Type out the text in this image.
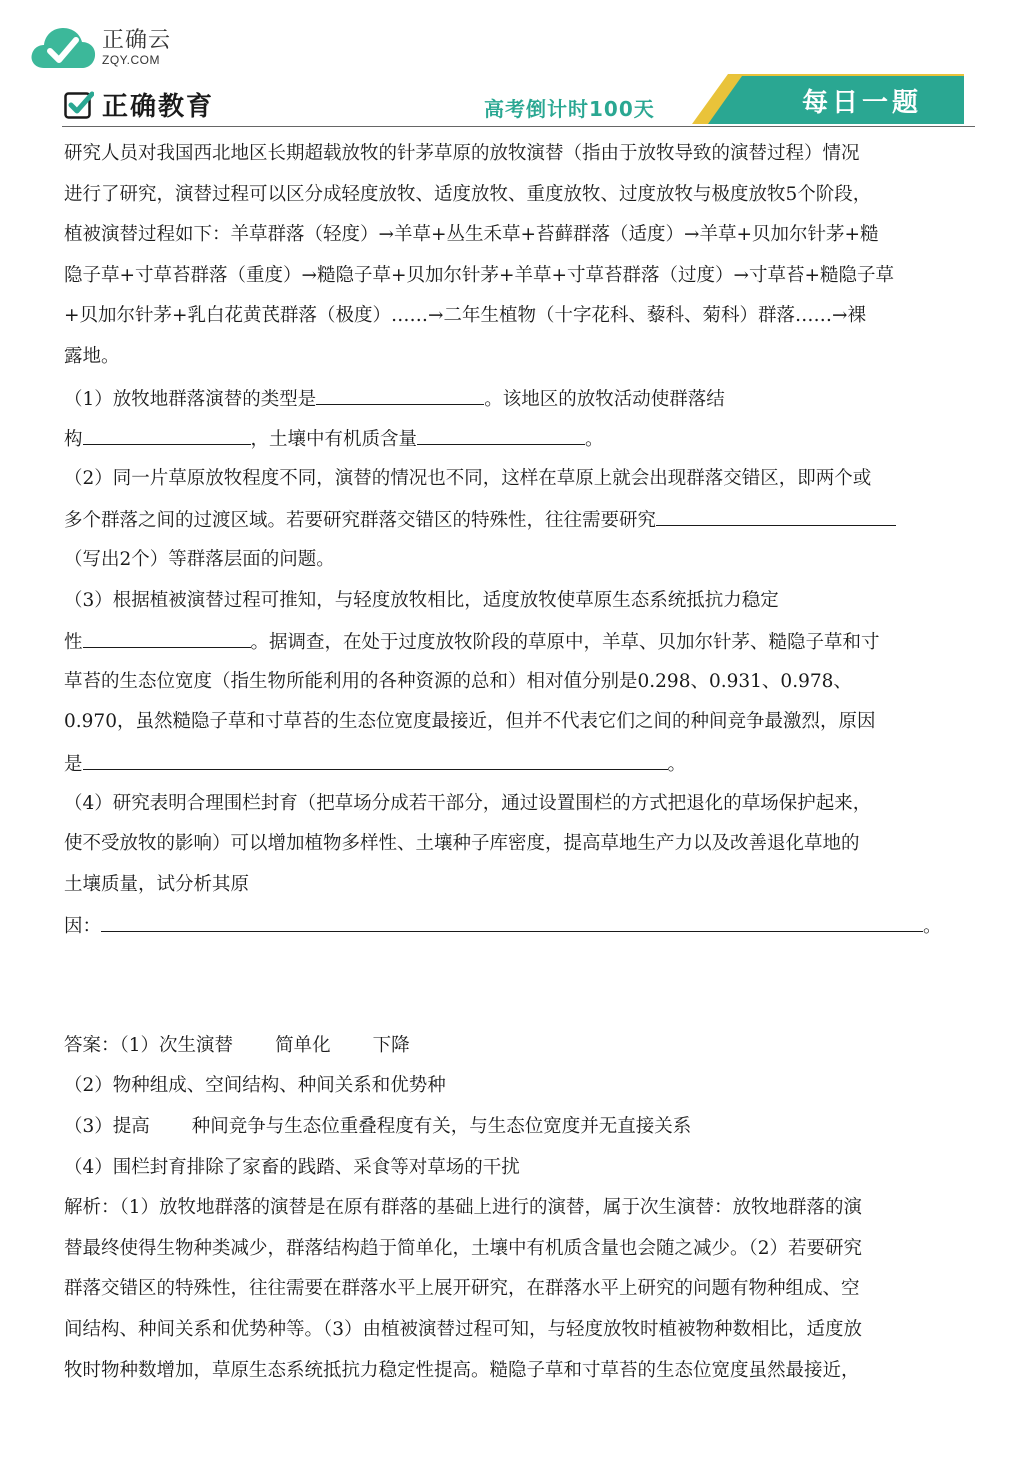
正确云
ZQY.COM
正确教育	高考倒计时100天	每日一题
研究人员对我国西北地区长期超载放牧的针茅草原的放牧演替（指由于放牧导致的演替过程）情况
进行了研究，演替过程可以区分成轻度放牧、适度放牧、重度放牧、过度放牧与极度放牧5个阶段，
植被演替过程如下：羊草群落（轻度）→羊草+丛生禾草+苔藓群落（适度）→羊草+贝加尔针茅+糙
隐子草+寸草苔群落（重度）→糙隐子草+贝加尔针茅+羊草+寸草苔群落（过度）→寸草苔+糙隐子草
+贝加尔针茅+乳白花黄芪群落（极度）……→二年生植物（十字花科、藜科、菊科）群落……→裸
露地。
（1）放牧地群落演替的类型是	。该地区的放牧活动使群落结
构	，土壤中有机质含量	。
（2）同一片草原放牧程度不同，演替的情况也不同，这样在草原上就会出现群落交错区，即两个或
多个群落之间的过渡区域。若要研究群落交错区的特殊性，往往需要研究
（写出2个）等群落层面的问题。
（3）根据植被演替过程可推知，与轻度放牧相比，适度放牧使草原生态系统抵抗力稳定
性	。据调查，在处于过度放牧阶段的草原中，羊草、贝加尔针茅、糙隐子草和寸
草苔的生态位宽度（指生物所能利用的各种资源的总和）相对值分别是0.298、0.931、0.978、
0.970，虽然糙隐子草和寸草苔的生态位宽度最接近，但并不代表它们之间的种间竞争最激烈，原因
是	。
（4）研究表明合理围栏封育（把草场分成若干部分，通过设置围栏的方式把退化的草场保护起来，
使不受放牧的影响）可以增加植物多样性、土壤种子库密度，提高草地生产力以及改善退化草地的
土壤质量，试分析其原
因：	。
答案：（1）次生演替 简单化 下降
（2）物种组成、空间结构、种间关系和优势种
（3）提高 种间竞争与生态位重叠程度有关，与生态位宽度并无直接关系
（4）围栏封育排除了家畜的践踏、采食等对草场的干扰
解析：（1）放牧地群落的演替是在原有群落的基础上进行的演替，属于次生演替：放牧地群落的演
替最终使得生物种类减少，群落结构趋于简单化，土壤中有机质含量也会随之减少。（2）若要研究
群落交错区的特殊性，往往需要在群落水平上展开研究，在群落水平上研究的问题有物种组成、空
间结构、种间关系和优势种等。（3）由植被演替过程可知，与轻度放牧时植被物种数相比，适度放
牧时物种数增加，草原生态系统抵抗力稳定性提高。糙隐子草和寸草苔的生态位宽度虽然最接近，
